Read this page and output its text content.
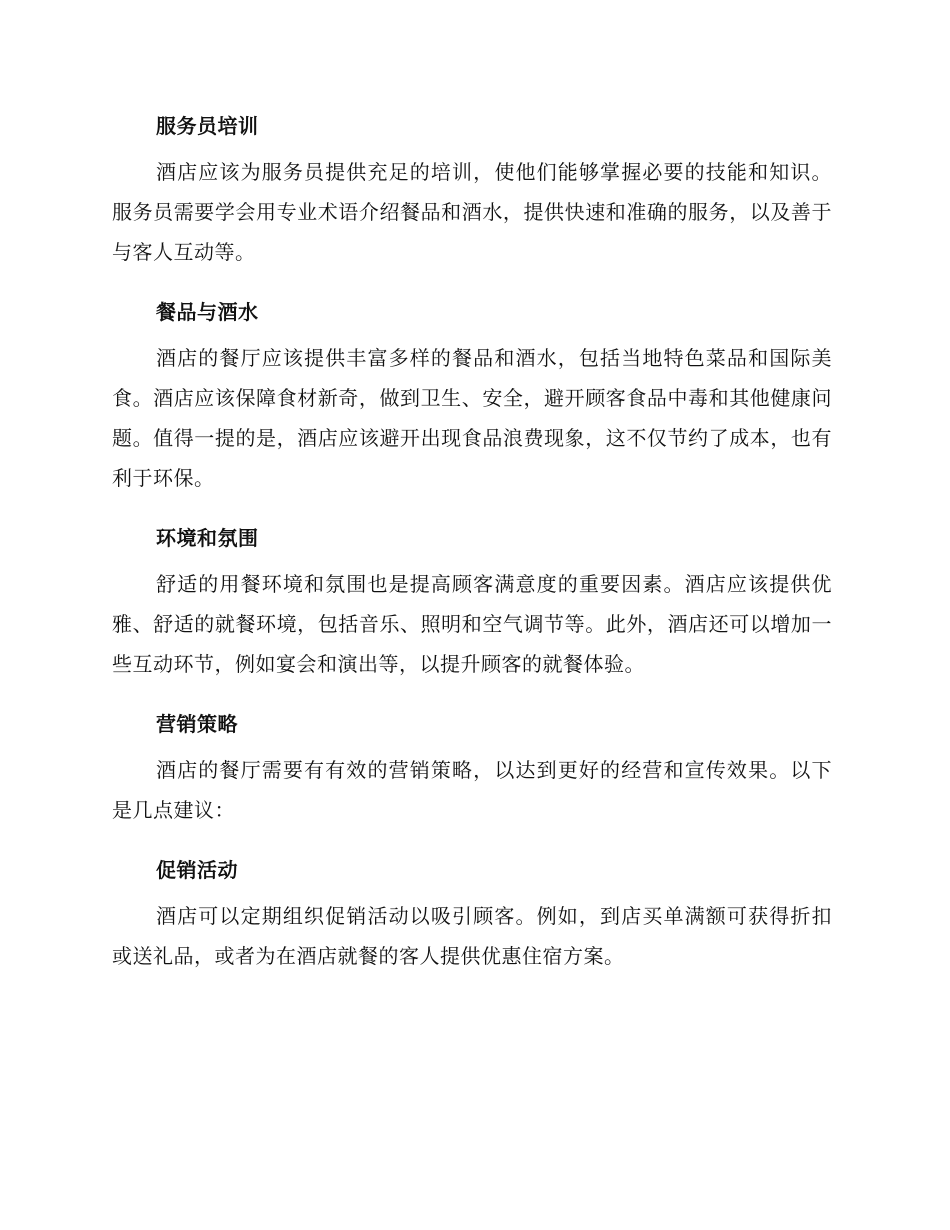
服务员培训

酒店应该为服务员提供充足的培训，使他们能够掌握必要的技能和知识。服务员需要学会用专业术语介绍餐品和酒水，提供快速和准确的服务，以及善于与客人互动等。

餐品与酒水

酒店的餐厅应该提供丰富多样的餐品和酒水，包括当地特色菜品和国际美食。酒店应该保障食材新奇，做到卫生、安全，避开顾客食品中毒和其他健康问题。值得一提的是，酒店应该避开出现食品浪费现象，这不仅节约了成本，也有利于环保。

环境和氛围

舒适的用餐环境和氛围也是提高顾客满意度的重要因素。酒店应该提供优雅、舒适的就餐环境，包括音乐、照明和空气调节等。此外，酒店还可以增加一些互动环节，例如宴会和演出等，以提升顾客的就餐体验。

营销策略

酒店的餐厅需要有有效的营销策略，以达到更好的经营和宣传效果。以下是几点建议：

促销活动

酒店可以定期组织促销活动以吸引顾客。例如，到店买单满额可获得折扣或送礼品，或者为在酒店就餐的客人提供优惠住宿方案。
